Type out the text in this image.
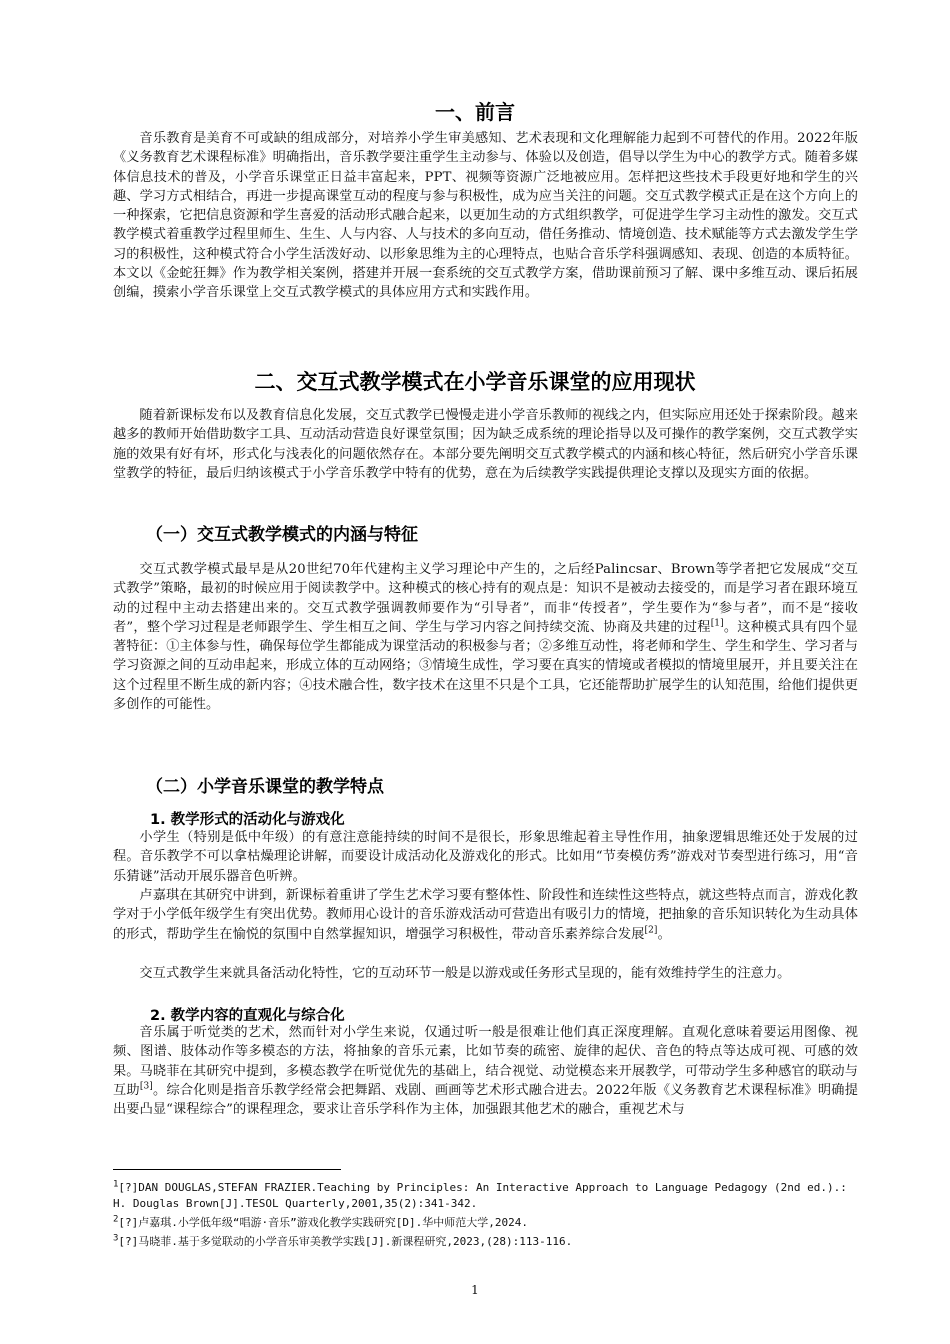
一、前言

音乐教育是美育不可或缺的组成部分，对培养小学生审美感知、艺术表现和文化理解能力起到不可替代的作用。2022年版《义务教育艺术课程标准》明确指出，音乐教学要注重学生主动参与、体验以及创造，倡导以学生为中心的教学方式。随着多媒体信息技术的普及，小学音乐课堂正日益丰富起来，PPT、视频等资源广泛地被应用。怎样把这些技术手段更好地和学生的兴趣、学习方式相结合，再进一步提高课堂互动的程度与参与积极性，成为应当关注的问题。交互式教学模式正是在这个方向上的一种探索，它把信息资源和学生喜爱的活动形式融合起来，以更加生动的方式组织教学，可促进学生学习主动性的激发。交互式教学模式着重教学过程里师生、生生、人与内容、人与技术的多向互动，借任务推动、情境创造、技术赋能等方式去激发学生学习的积极性，这种模式符合小学生活泼好动、以形象思维为主的心理特点，也贴合音乐学科强调感知、表现、创造的本质特征。本文以《金蛇狂舞》作为教学相关案例，搭建并开展一套系统的交互式教学方案，借助课前预习了解、课中多维互动、课后拓展创编，摸索小学音乐课堂上交互式教学模式的具体应用方式和实践作用。

二、交互式教学模式在小学音乐课堂的应用现状

随着新课标发布以及教育信息化发展，交互式教学已慢慢走进小学音乐教师的视线之内，但实际应用还处于探索阶段。越来越多的教师开始借助数字工具、互动活动营造良好课堂氛围；因为缺乏成系统的理论指导以及可操作的教学案例，交互式教学实施的效果有好有坏，形式化与浅表化的问题依然存在。本部分要先阐明交互式教学模式的内涵和核心特征，然后研究小学音乐课堂教学的特征，最后归纳该模式于小学音乐教学中特有的优势，意在为后续教学实践提供理论支撑以及现实方面的依据。

（一）交互式教学模式的内涵与特征

交互式教学模式最早是从20世纪70年代建构主义学习理论中产生的，之后经Palincsar、Brown等学者把它发展成“交互式教学”策略，最初的时候应用于阅读教学中。这种模式的核心持有的观点是：知识不是被动去接受的，而是学习者在跟环境互动的过程中主动去搭建出来的。交互式教学强调教师要作为“引导者”，而非“传授者”，学生要作为“参与者”，而不是“接收者”，整个学习过程是老师跟学生、学生相互之间、学生与学习内容之间持续交流、协商及共建的过程[1]。这种模式具有四个显著特征：①主体参与性，确保每位学生都能成为课堂活动的积极参与者；②多维互动性，将老师和学生、学生和学生、学习者与学习资源之间的互动串起来，形成立体的互动网络；③情境生成性，学习要在真实的情境或者模拟的情境里展开，并且要关注在这个过程里不断生成的新内容；④技术融合性，数字技术在这里不只是个工具，它还能帮助扩展学生的认知范围，给他们提供更多创作的可能性。

（二）小学音乐课堂的教学特点
1. 教学形式的活动化与游戏化

小学生（特别是低中年级）的有意注意能持续的时间不是很长，形象思维起着主导性作用，抽象逻辑思维还处于发展的过程。音乐教学不可以拿枯燥理论讲解，而要设计成活动化及游戏化的形式。比如用“节奏模仿秀”游戏对节奏型进行练习，用“音乐猜谜”活动开展乐器音色听辨。

卢嘉琪在其研究中讲到，新课标着重讲了学生艺术学习要有整体性、阶段性和连续性这些特点，就这些特点而言，游戏化教学对于小学低年级学生有突出优势。教师用心设计的音乐游戏活动可营造出有吸引力的情境，把抽象的音乐知识转化为生动具体的形式，帮助学生在愉悦的氛围中自然掌握知识，增强学习积极性，带动音乐素养综合发展[2]。

交互式教学生来就具备活动化特性，它的互动环节一般是以游戏或任务形式呈现的，能有效维持学生的注意力。

2. 教学内容的直观化与综合化

音乐属于听觉类的艺术，然而针对小学生来说，仅通过听一般是很难让他们真正深度理解。直观化意味着要运用图像、视频、图谱、肢体动作等多模态的方法，将抽象的音乐元素，比如节奏的疏密、旋律的起伏、音色的特点等达成可视、可感的效果。马晓菲在其研究中提到，多模态教学在听觉优先的基础上，结合视觉、动觉模态来开展教学，可带动学生多种感官的联动与互助[3]。综合化则是指音乐教学经常会把舞蹈、戏剧、画画等艺术形式融合进去。2022年版《义务教育艺术课程标准》明确提出要凸显“课程综合”的课程理念，要求让音乐学科作为主体，加强跟其他艺术的融合，重视艺术与

$^1$[?]DAN DOUGLAS,STEFAN FRAZIER.Teaching by Principles: An Interactive Approach to Language Pedagogy (2nd ed.).: H. Douglas Brown[J].TESOL Quarterly,2001,35(2):341-342.

$^2$[?]卢嘉琪.小学低年级“唱游·音乐”游戏化教学实践研究[D].华中师范大学,2024.

$^3$[?]马晓菲.基于多觉联动的小学音乐审美教学实践[J].新课程研究,2023,(28):113-116.

1
